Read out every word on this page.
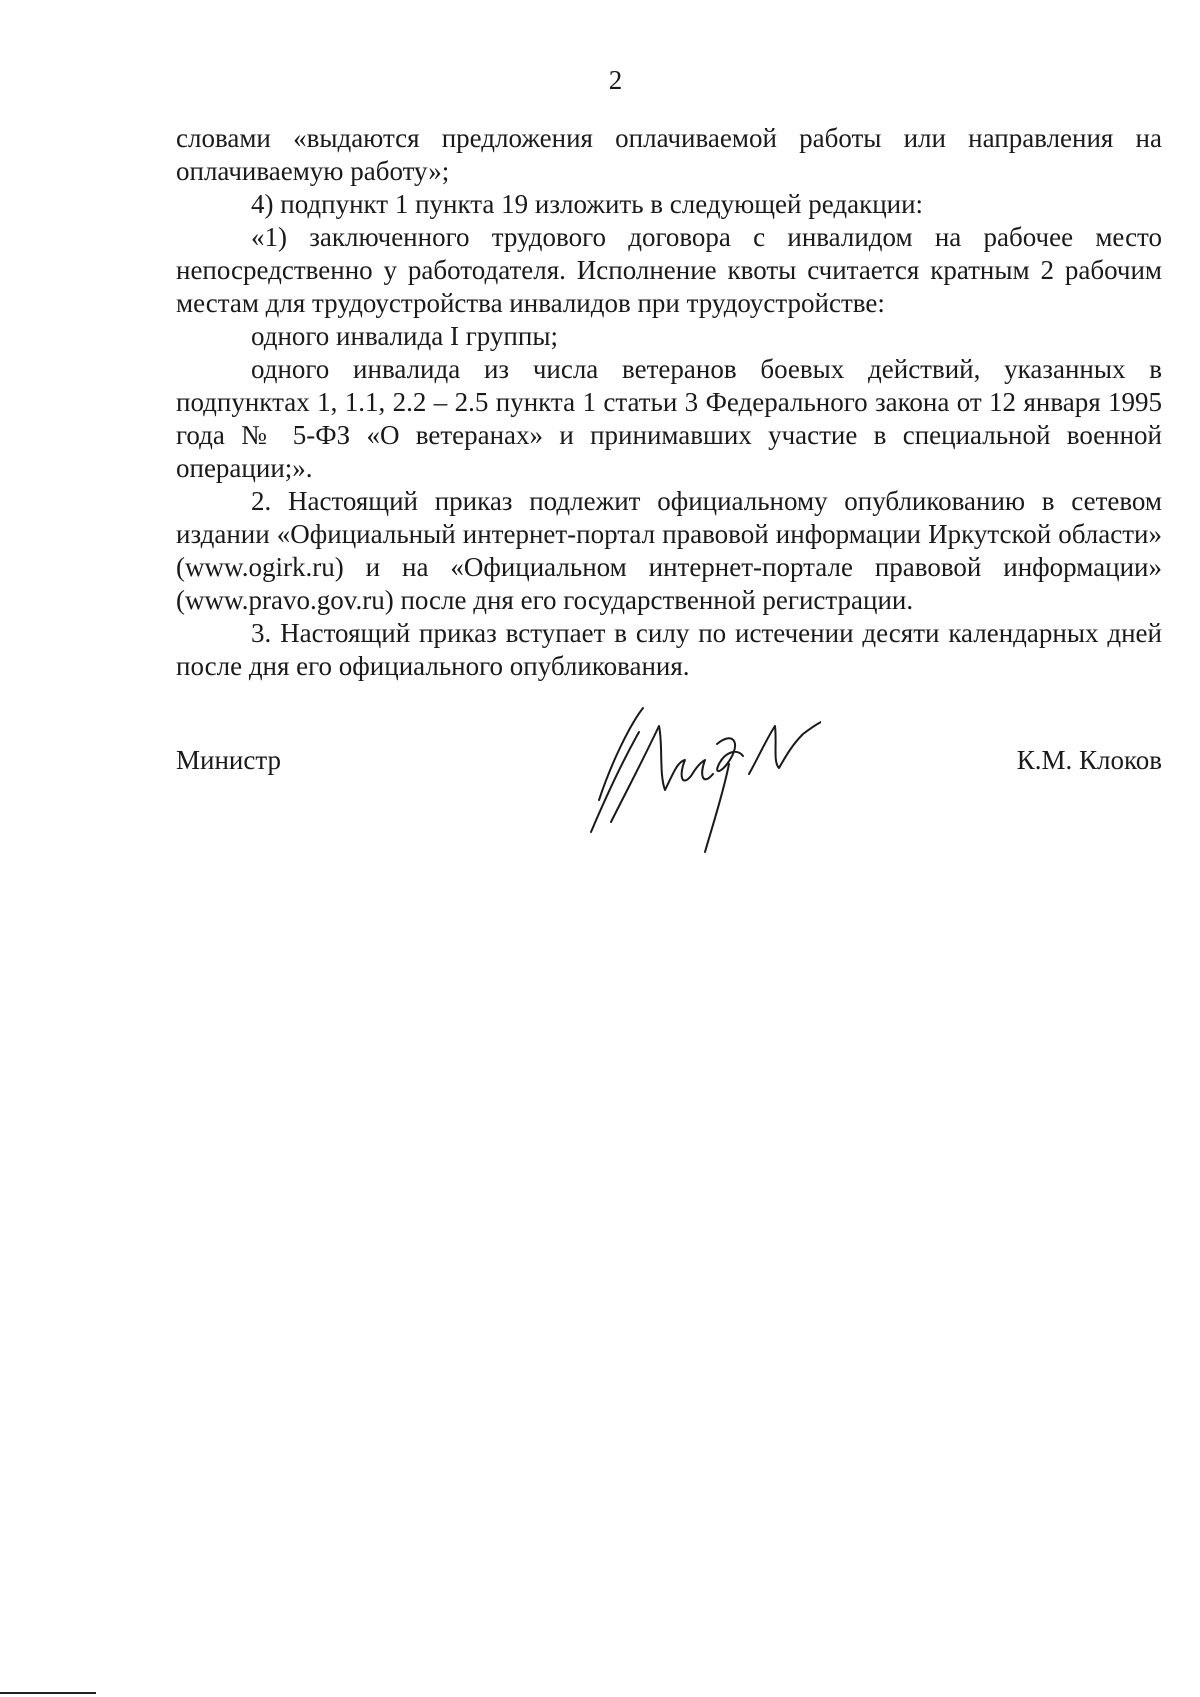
2

словами «выдаются предложения оплачиваемой работы или направления на оплачиваемую работу»;

4) подпункт 1 пункта 19 изложить в следующей редакции:

«1) заключенного трудового договора с инвалидом на рабочее место непосредственно у работодателя. Исполнение квоты считается кратным 2 рабочим местам для трудоустройства инвалидов при трудоустройстве:

одного инвалида I группы;

одного инвалида из числа ветеранов боевых действий, указанных в подпунктах 1, 1.1, 2.2 – 2.5 пункта 1 статьи 3 Федерального закона от 12 января 1995 года № 5-ФЗ «О ветеранах» и принимавших участие в специальной военной операции;».

2. Настоящий приказ подлежит официальному опубликованию в сетевом издании «Официальный интернет-портал правовой информации Иркутской области» (www.ogirk.ru) и на «Официальном интернет-портале правовой информации» (www.pravo.gov.ru) после дня его государственной регистрации.

3. Настоящий приказ вступает в силу по истечении десяти календарных дней после дня его официального опубликования.

Министр	К.М. Клоков
